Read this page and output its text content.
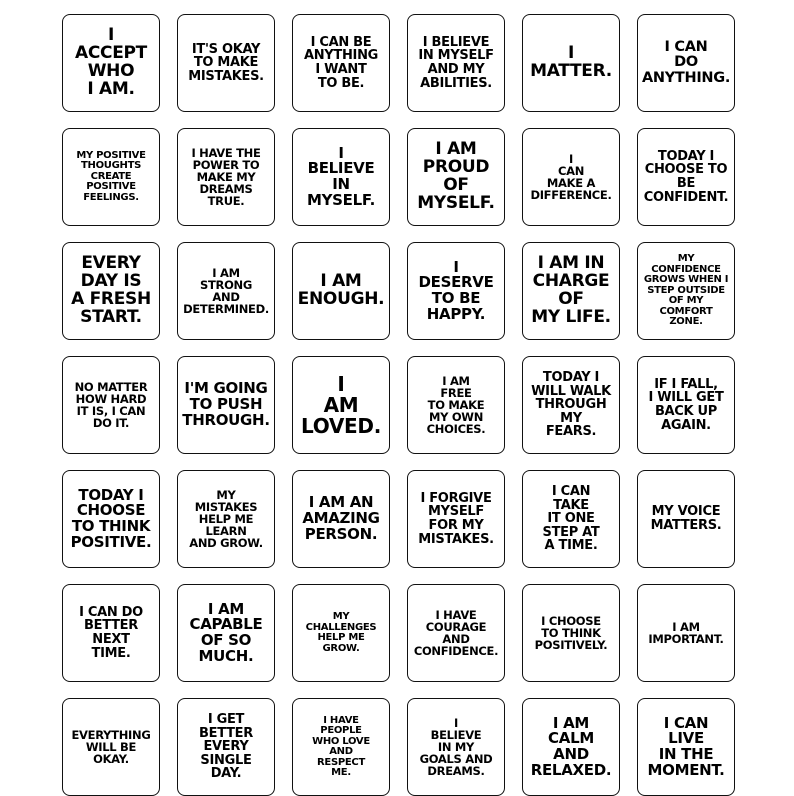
I
ACCEPT
WHO
I AM.
IT'S OKAY
TO MAKE
MISTAKES.
I CAN BE
ANYTHING
I WANT
TO BE.
I BELIEVE
IN MYSELF
AND MY
ABILITIES.
I
MATTER.
I CAN
DO
ANYTHING.
MY POSITIVE
THOUGHTS
CREATE
POSITIVE
FEELINGS.
I HAVE THE
POWER TO
MAKE MY
DREAMS
TRUE.
I
BELIEVE
IN
MYSELF.
I AM
PROUD
OF
MYSELF.
I
CAN
MAKE A
DIFFERENCE.
TODAY I
CHOOSE TO
BE
CONFIDENT.
EVERY
DAY IS
A FRESH
START.
I AM
STRONG
AND
DETERMINED.
I AM
ENOUGH.
I
DESERVE
TO BE
HAPPY.
I AM IN
CHARGE
OF
MY LIFE.
MY
CONFIDENCE
GROWS WHEN I
STEP OUTSIDE
OF MY
COMFORT
ZONE.
NO MATTER
HOW HARD
IT IS, I CAN
DO IT.
I'M GOING
TO PUSH
THROUGH.
I
AM
LOVED.
I AM
FREE
TO MAKE
MY OWN
CHOICES.
TODAY I
WILL WALK
THROUGH
MY
FEARS.
IF I FALL,
I WILL GET
BACK UP
AGAIN.
TODAY I
CHOOSE
TO THINK
POSITIVE.
MY
MISTAKES
HELP ME
LEARN
AND GROW.
I AM AN
AMAZING
PERSON.
I FORGIVE
MYSELF
FOR MY
MISTAKES.
I CAN
TAKE
IT ONE
STEP AT
A TIME.
MY VOICE
MATTERS.
I CAN DO
BETTER
NEXT
TIME.
I AM
CAPABLE
OF SO
MUCH.
MY
CHALLENGES
HELP ME
GROW.
I HAVE
COURAGE
AND
CONFIDENCE.
I CHOOSE
TO THINK
POSITIVELY.
I AM
IMPORTANT.
EVERYTHING
WILL BE
OKAY.
I GET
BETTER
EVERY
SINGLE
DAY.
I HAVE
PEOPLE
WHO LOVE
AND
RESPECT
ME.
I
BELIEVE
IN MY
GOALS AND
DREAMS.
I AM
CALM
AND
RELAXED.
I CAN
LIVE
IN THE
MOMENT.
